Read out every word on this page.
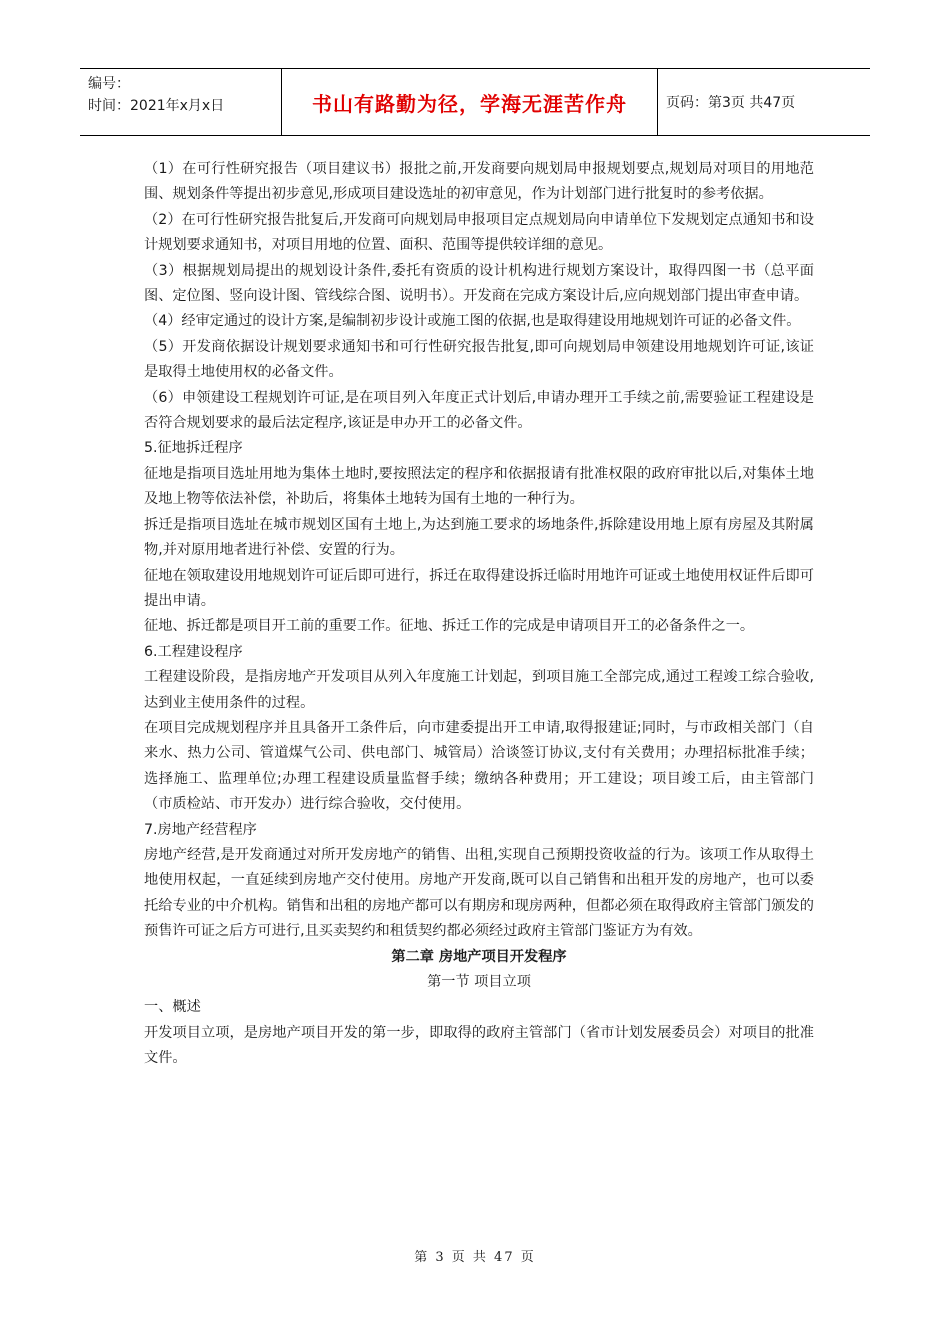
编号：
时间：2021年x月x日	书山有路勤为径，学海无涯苦作舟	页码：第3页 共47页

（1）在可行性研究报告（项目建议书）报批之前,开发商要向规划局申报规划要点,规划局对项目的用地范围、规划条件等提出初步意见,形成项目建设选址的初审意见，作为计划部门进行批复时的参考依据。

（2）在可行性研究报告批复后,开发商可向规划局申报项目定点规划局向申请单位下发规划定点通知书和设计规划要求通知书，对项目用地的位置、面积、范围等提供较详细的意见。

（3）根据规划局提出的规划设计条件,委托有资质的设计机构进行规划方案设计，取得四图一书（总平面图、定位图、竖向设计图、管线综合图、说明书）。开发商在完成方案设计后,应向规划部门提出审查申请。

（4）经审定通过的设计方案,是编制初步设计或施工图的依据,也是取得建设用地规划许可证的必备文件。

（5）开发商依据设计规划要求通知书和可行性研究报告批复,即可向规划局申领建设用地规划许可证,该证是取得土地使用权的必备文件。

（6）申领建设工程规划许可证,是在项目列入年度正式计划后,申请办理开工手续之前,需要验证工程建设是否符合规划要求的最后法定程序,该证是申办开工的必备文件。

5.征地拆迁程序

征地是指项目选址用地为集体土地时,要按照法定的程序和依据报请有批准权限的政府审批以后,对集体土地及地上物等依法补偿，补助后，将集体土地转为国有土地的一种行为。

拆迁是指项目选址在城市规划区国有土地上,为达到施工要求的场地条件,拆除建设用地上原有房屋及其附属物,并对原用地者进行补偿、安置的行为。

征地在领取建设用地规划许可证后即可进行，拆迁在取得建设拆迁临时用地许可证或土地使用权证件后即可提出申请。

征地、拆迁都是项目开工前的重要工作。征地、拆迁工作的完成是申请项目开工的必备条件之一。

6.工程建设程序

工程建设阶段，是指房地产开发项目从列入年度施工计划起，到项目施工全部完成,通过工程竣工综合验收,达到业主使用条件的过程。

在项目完成规划程序并且具备开工条件后，向市建委提出开工申请,取得报建证;同时，与市政相关部门（自来水、热力公司、管道煤气公司、供电部门、城管局）洽谈签订协议,支付有关费用；办理招标批准手续；选择施工、监理单位;办理工程建设质量监督手续；缴纳各种费用；开工建设；项目竣工后，由主管部门（市质检站、市开发办）进行综合验收，交付使用。

7.房地产经营程序

房地产经营,是开发商通过对所开发房地产的销售、出租,实现自己预期投资收益的行为。该项工作从取得土地使用权起，一直延续到房地产交付使用。房地产开发商,既可以自己销售和出租开发的房地产，也可以委托给专业的中介机构。销售和出租的房地产都可以有期房和现房两种，但都必须在取得政府主管部门颁发的预售许可证之后方可进行,且买卖契约和租赁契约都必须经过政府主管部门鉴证方为有效。

第二章 房地产项目开发程序

第一节 项目立项

一、概述

开发项目立项，是房地产项目开发的第一步，即取得的政府主管部门（省市计划发展委员会）对项目的批准文件。

第 3 页 共 47 页
